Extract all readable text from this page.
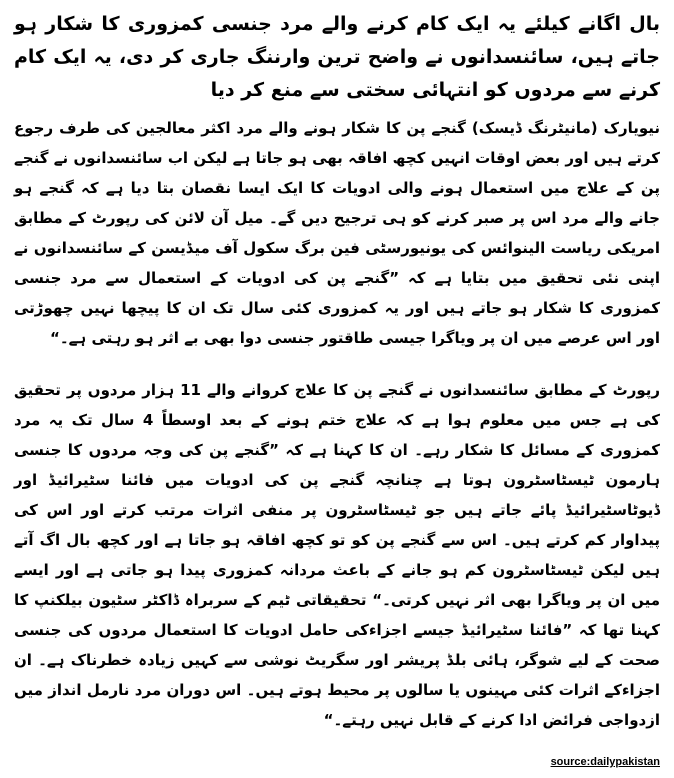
بال اگانے کیلئے یہ ایک کام کرنے والے مرد جنسی کمزوری کا شکار ہو جاتے ہیں، سائنسدانوں نے واضح ترین وارننگ جاری کر دی، یہ ایک کام کرنے سے مردوں کو انتہائی سختی سے منع کر دیا

نیویارک (مانیٹرنگ ڈیسک) گنجے پن کا شکار ہونے والے مرد اکثر معالجین کی طرف رجوع کرتے ہیں اور بعض اوقات انہیں کچھ افاقہ بھی ہو جاتا ہے لیکن اب سائنسدانوں نے گنجے پن کے علاج میں استعمال ہونے والی ادویات کا ایک ایسا نقصان بتا دیا ہے کہ گنجے ہو جانے والے مرد اس پر صبر کرنے کو ہی ترجیح دیں گے۔ میل آن لائن کی رپورٹ کے مطابق امریکی ریاست الینوائس کی یونیورسٹی فین برگ سکول آف میڈیسن کے سائنسدانوں نے اپنی نئی تحقیق میں بتایا ہے کہ ”گنجے پن کی ادویات کے استعمال سے مرد جنسی کمزوری کا شکار ہو جاتے ہیں اور یہ کمزوری کئی سال تک ان کا پیچھا نہیں چھوڑتی اور اس عرصے میں ان پر ویاگرا جیسی طاقتور جنسی دوا بھی بے اثر ہو رہتی ہے۔“

رپورٹ کے مطابق سائنسدانوں نے گنجے پن کا علاج کروانے والے 11 ہزار مردوں پر تحقیق کی ہے جس میں معلوم ہوا ہے کہ علاج ختم ہونے کے بعد اوسطاً 4 سال تک یہ مرد کمزوری کے مسائل کا شکار رہے۔ ان کا کہنا ہے کہ ”گنجے پن کی وجہ مردوں کا جنسی ہارمون ٹیسٹاسٹرون ہوتا ہے چنانچہ گنجے پن کی ادویات میں فائنا سٹیرائیڈ اور ڈیوٹاسٹیرائیڈ پائے جاتے ہیں جو ٹیسٹاسٹرون پر منفی اثرات مرتب کرتے اور اس کی پیداوار کم کرتے ہیں۔ اس سے گنجے پن کو تو کچھ افاقہ ہو جاتا ہے اور کچھ بال اگ آتے ہیں لیکن ٹیسٹاسٹرون کم ہو جانے کے باعث مردانہ کمزوری پیدا ہو جاتی ہے اور ایسے میں ان پر ویاگرا بھی اثر نہیں کرتی۔“ تحقیقاتی ٹیم کے سربراہ ڈاکٹر سٹیون بیلکنپ کا کہنا تھا کہ ”فائنا سٹیرائیڈ جیسے اجزاءکی حامل ادویات کا استعمال مردوں کی جنسی صحت کے لیے شوگر، ہائی بلڈ پریشر اور سگریٹ نوشی سے کہیں زیادہ خطرناک ہے۔ ان اجزاءکے اثرات کئی مہینوں یا سالوں پر محیط ہوتے ہیں۔ اس دوران مرد نارمل انداز میں ازدواجی فرائض ادا کرنے کے قابل نہیں رہتے۔“

source:dailypakistan
